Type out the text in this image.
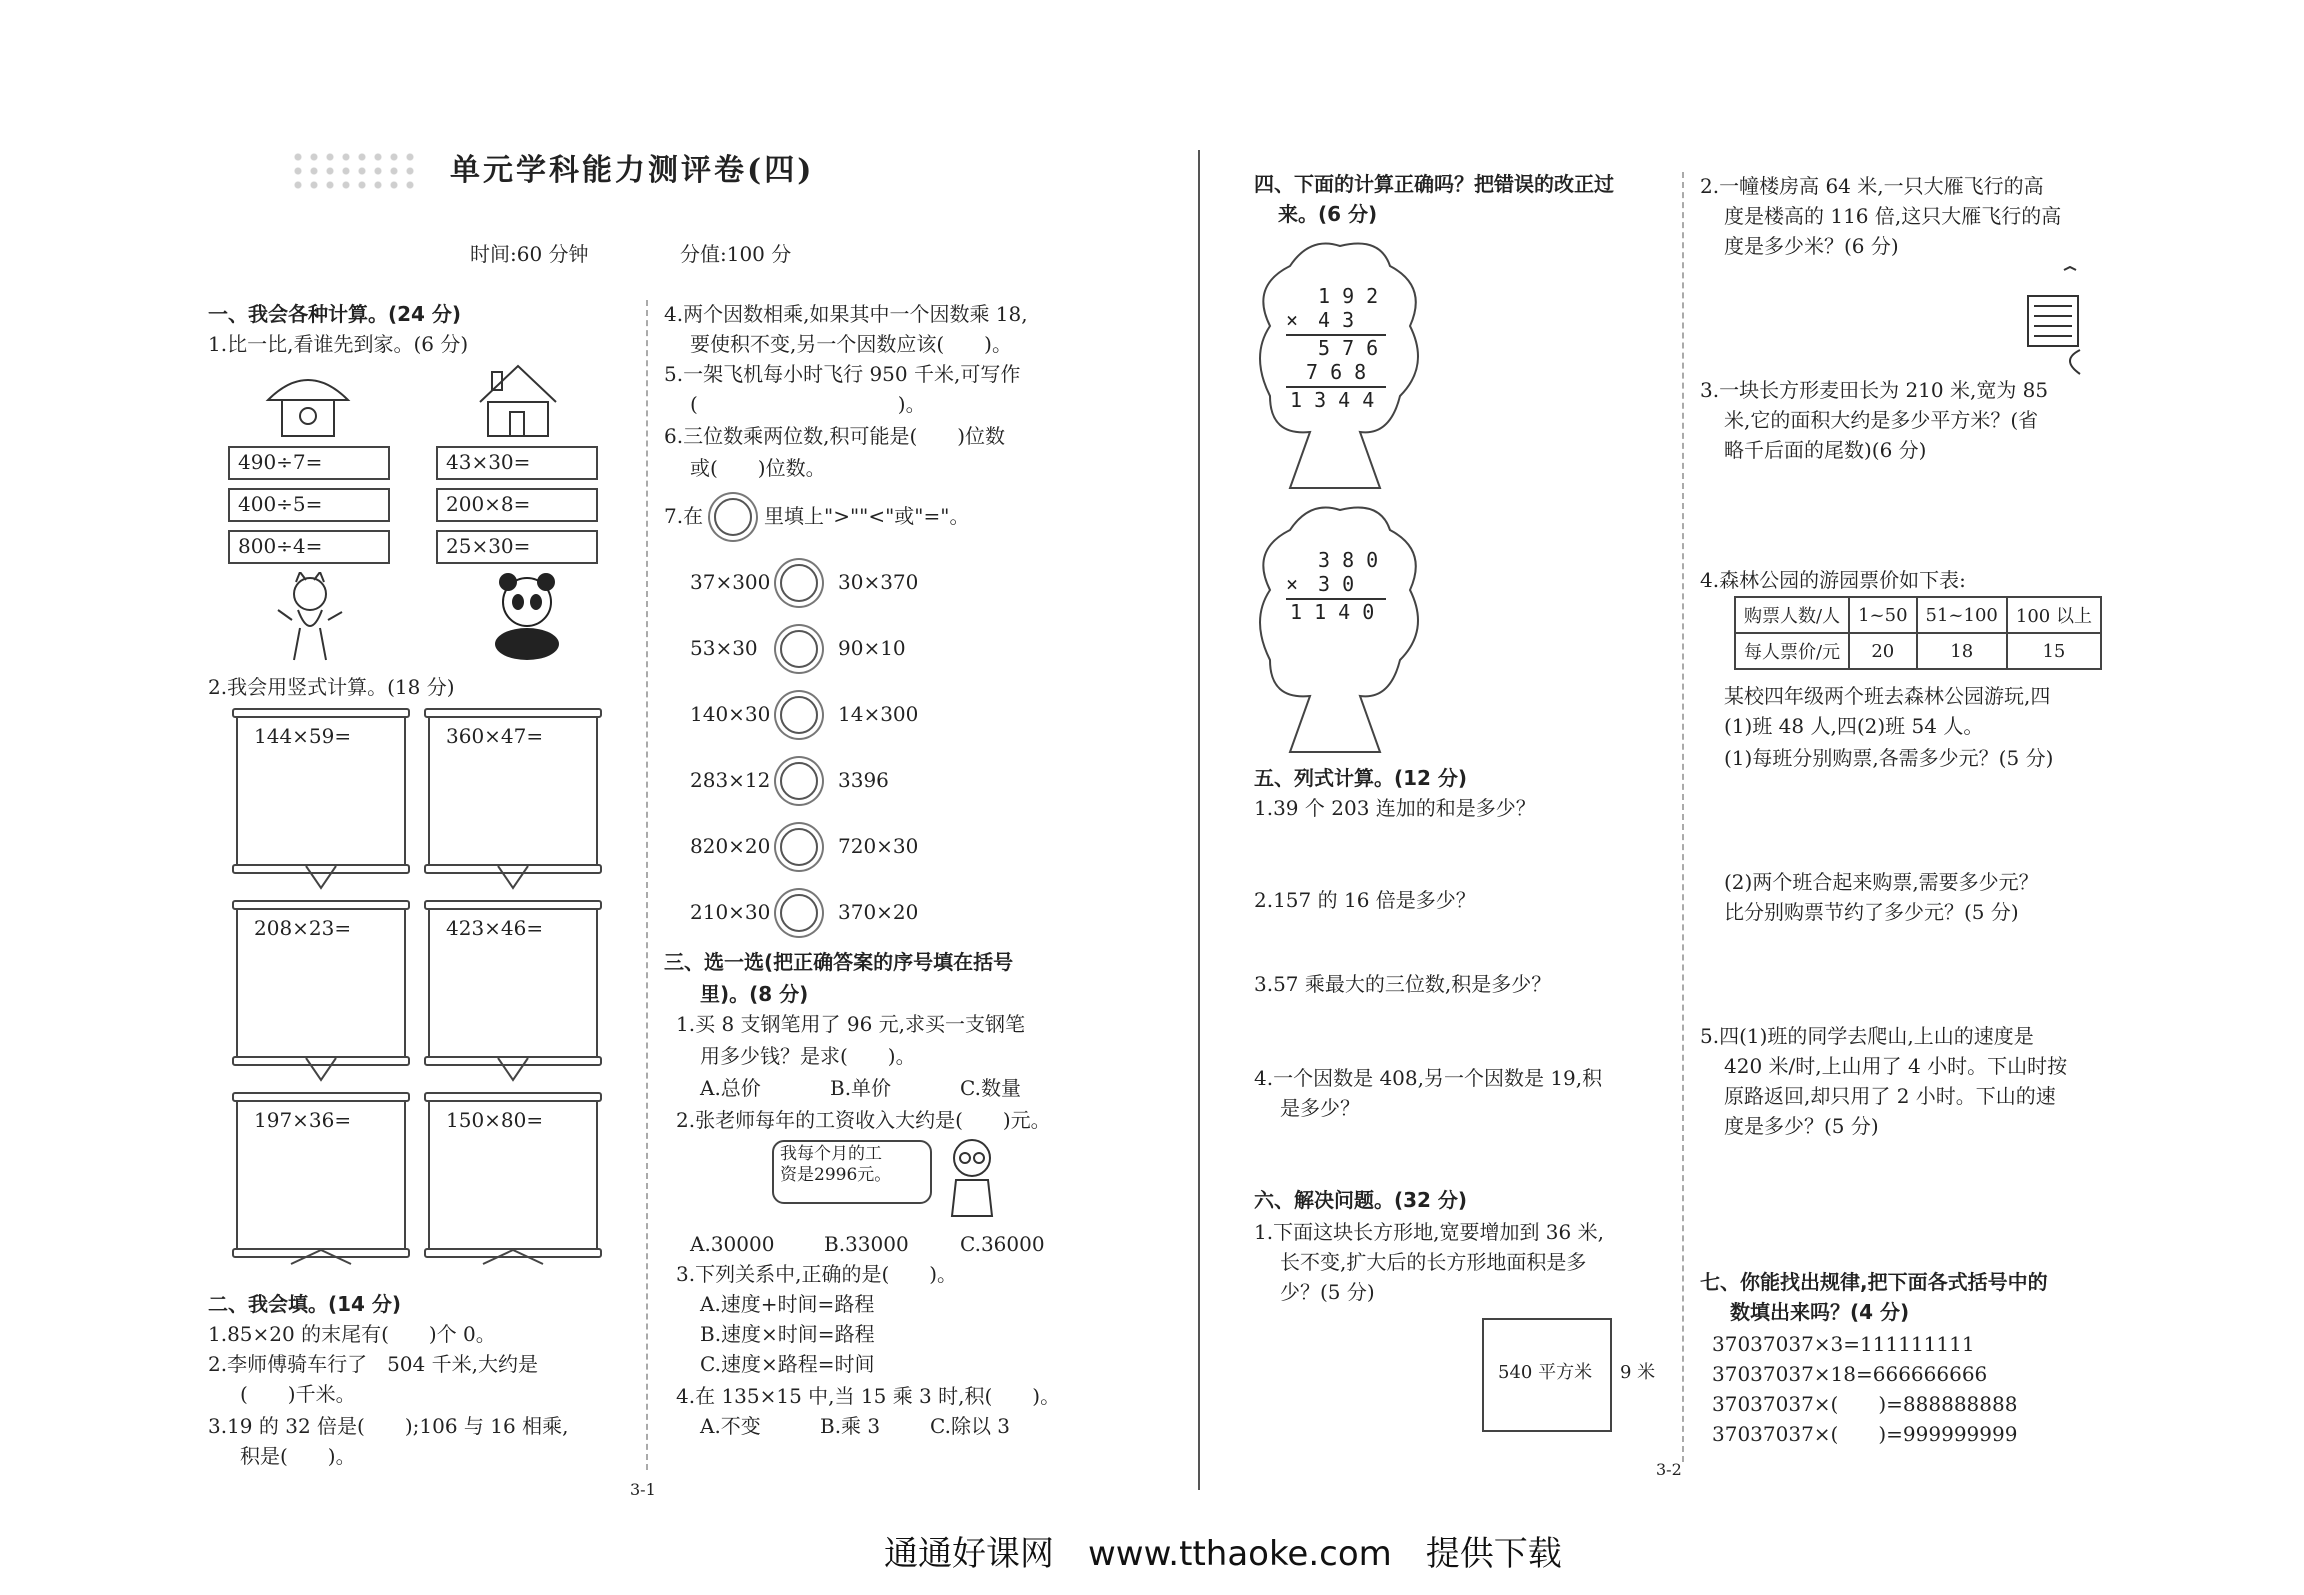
单元学科能力测评卷(四)
时间:60 分钟	分值:100 分
一、我会各种计算。(24 分)
1.比一比,看谁先到家。(6 分)
490÷7=
400÷5=
800÷4=
43×30=
200×8=
25×30=
2.我会用竖式计算。(18 分)
144×59=	360×47=
208×23=	423×46=
197×36=	150×80=
二、我会填。(14 分)
1.85×20 的末尾有(　　)个 0。
2.李师傅骑车行了　504 千米,大约是
(　　)千米。
3.19 的 32 倍是(　　);106 与 16 相乘,
积是(　　)。
4.两个因数相乘,如果其中一个因数乘 18,
要使积不变,另一个因数应该(　　)。
5.一架飞机每小时飞行 950 千米,可写作
(　　　　　　　　　　)。
6.三位数乘两位数,积可能是(　　)位数
或(　　)位数。
7.在	里填上">""<"或"="。
37×300	30×370
53×30	90×10
140×30	14×300
283×12	3396
820×20	720×30
210×30	370×20
三、选一选(把正确答案的序号填在括号
里)。(8 分)
1.买 8 支钢笔用了 96 元,求买一支钢笔
用多少钱？是求(　　)。
A.总价	B.单价	C.数量
2.张老师每年的工资收入大约是(　　)元。
我每个月的工
资是2996元。
A.30000 B.33000	C.36000
3.下列关系中,正确的是(　　)。
A.速度+时间=路程
B.速度×时间=路程
C.速度×路程=时间
4.在 135×15 中,当 15 乘 3 时,积(　　)。
A.不变	B.乘 3 C.除以 3
3-1
四、下面的计算正确吗？把错误的改正过
来。(6 分)
1 9 2
×　4 3
5 7 6
7 6 8
1 3 4 4
3 8 0
×　3 0
1 1 4 0
五、列式计算。(12 分)
1.39 个 203 连加的和是多少？
2.157 的 16 倍是多少？
3.57 乘最大的三位数,积是多少？
4.一个因数是 408,另一个因数是 19,积
是多少？
六、解决问题。(32 分)
1.下面这块长方形地,宽要增加到 36 米,
长不变,扩大后的长方形地面积是多
少？(5 分)
540 平方米 9 米
3-2
2.一幢楼房高 64 米,一只大雁飞行的高
度是楼高的 116 倍,这只大雁飞行的高
度是多少米？(6 分)
3.一块长方形麦田长为 210 米,宽为 85
米,它的面积大约是多少平方米？(省
略千后面的尾数)(6 分)
4.森林公园的游园票价如下表:
购票人数/人	1~50	51~100	100 以上
每人票价/元	20	18	15
某校四年级两个班去森林公园游玩,四
(1)班 48 人,四(2)班 54 人。
(1)每班分别购票,各需多少元？(5 分)
(2)两个班合起来购票,需要多少元？
比分别购票节约了多少元？(5 分)
5.四(1)班的同学去爬山,上山的速度是
420 米/时,上山用了 4 小时。下山时按
原路返回,却只用了 2 小时。下山的速
度是多少？(5 分)
七、你能找出规律,把下面各式括号中的
数填出来吗？(4 分)
37037037×3=111111111
37037037×18=666666666
37037037×(　　)=888888888
37037037×(　　)=999999999
通通好课网　www.tthaoke.com　提供下载
